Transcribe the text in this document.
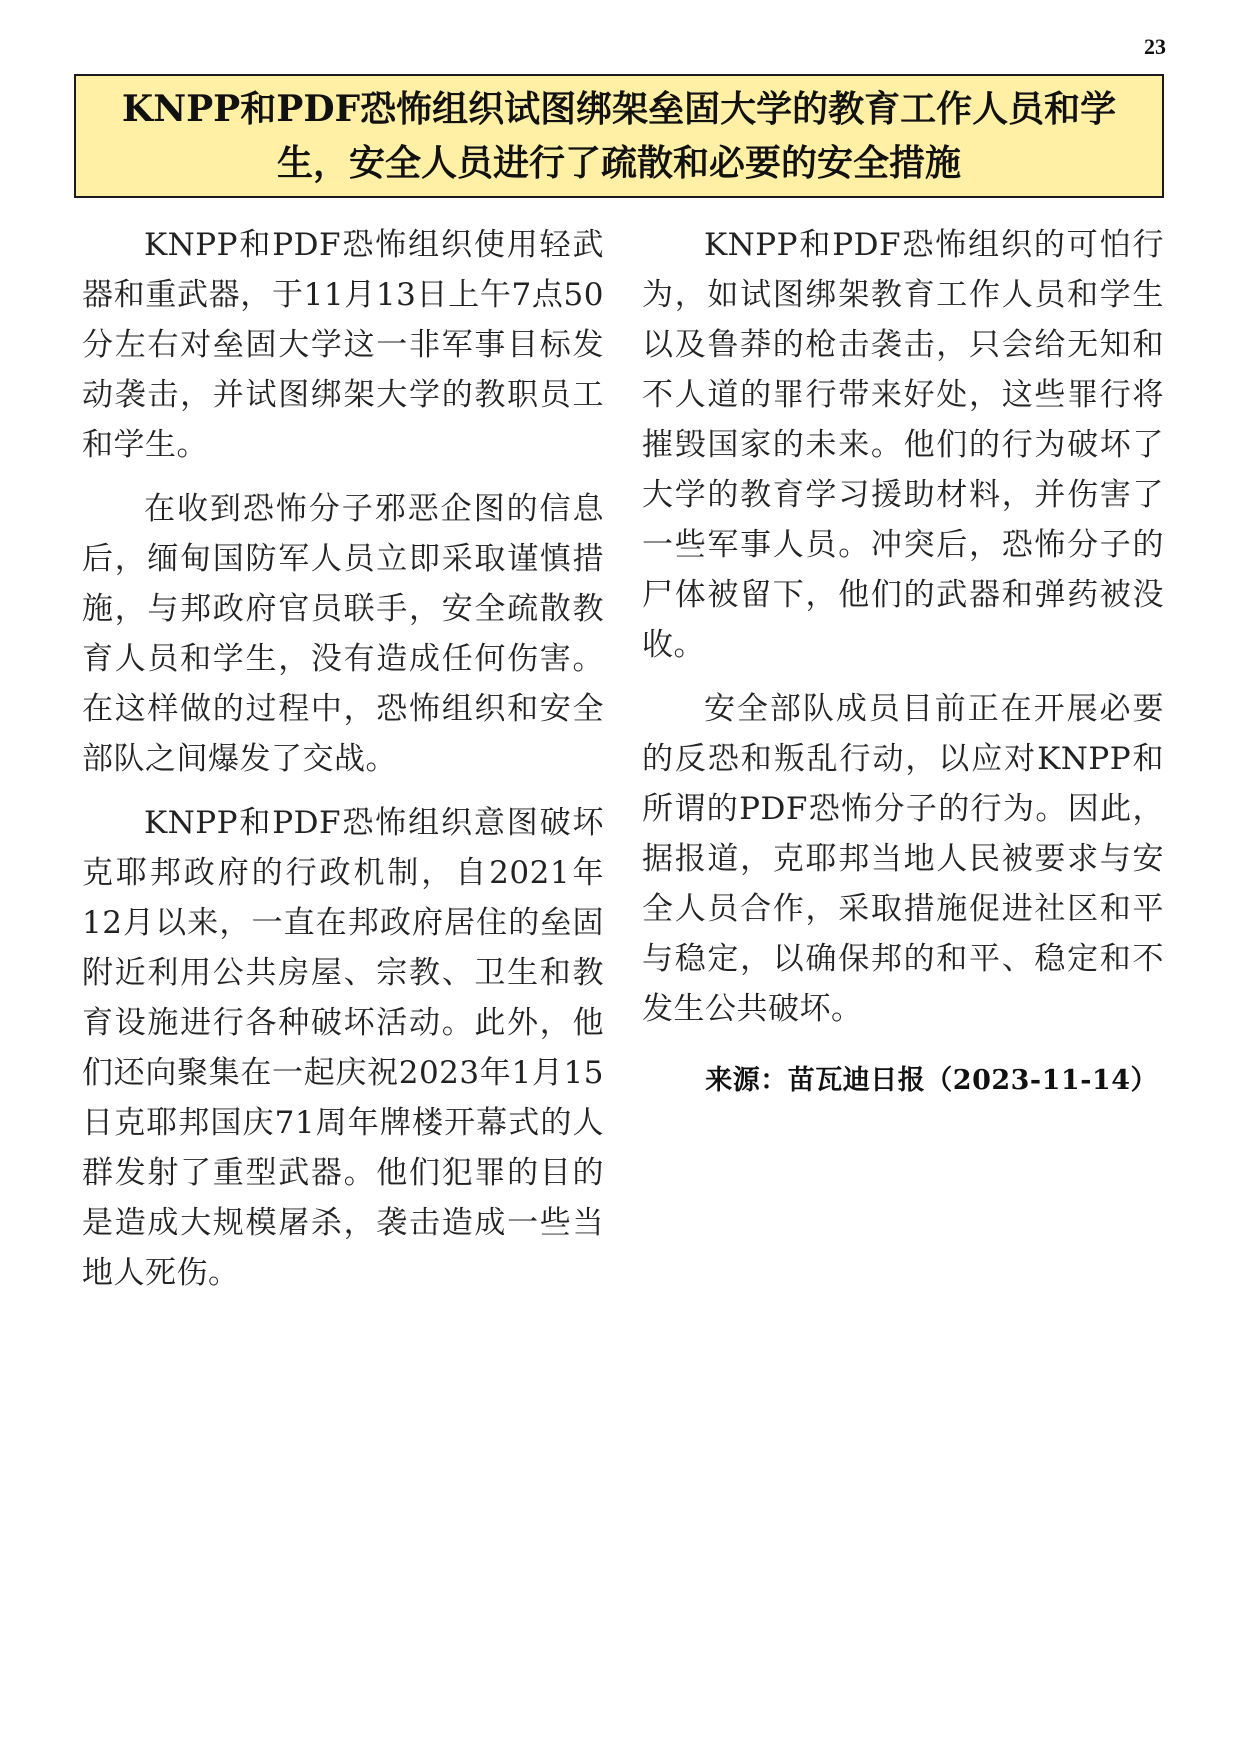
23
KNPP和PDF恐怖组织试图绑架垒固大学的教育工作人员和学生，安全人员进行了疏散和必要的安全措施

KNPP和PDF恐怖组织使用轻武器和重武器，于11月13日上午7点50分左右对垒固大学这一非军事目标发动袭击，并试图绑架大学的教职员工和学生。

在收到恐怖分子邪恶企图的信息后，缅甸国防军人员立即采取谨慎措施，与邦政府官员联手，安全疏散教育人员和学生，没有造成任何伤害。在这样做的过程中，恐怖组织和安全部队之间爆发了交战。

KNPP和PDF恐怖组织意图破坏克耶邦政府的行政机制，自2021年12月以来，一直在邦政府居住的垒固附近利用公共房屋、宗教、卫生和教育设施进行各种破坏活动。此外，他们还向聚集在一起庆祝2023年1月15日克耶邦国庆71周年牌楼开幕式的人群发射了重型武器。他们犯罪的目的是造成大规模屠杀，袭击造成一些当地人死伤。

KNPP和PDF恐怖组织的可怕行为，如试图绑架教育工作人员和学生以及鲁莽的枪击袭击，只会给无知和不人道的罪行带来好处，这些罪行将摧毁国家的未来。他们的行为破坏了大学的教育学习援助材料，并伤害了一些军事人员。冲突后，恐怖分子的尸体被留下，他们的武器和弹药被没收。

安全部队成员目前正在开展必要的反恐和叛乱行动，以应对KNPP和所谓的PDF恐怖分子的行为。因此，据报道，克耶邦当地人民被要求与安全人员合作，采取措施促进社区和平与稳定，以确保邦的和平、稳定和不发生公共破坏。

来源：苗瓦迪日报（2023-11-14）
